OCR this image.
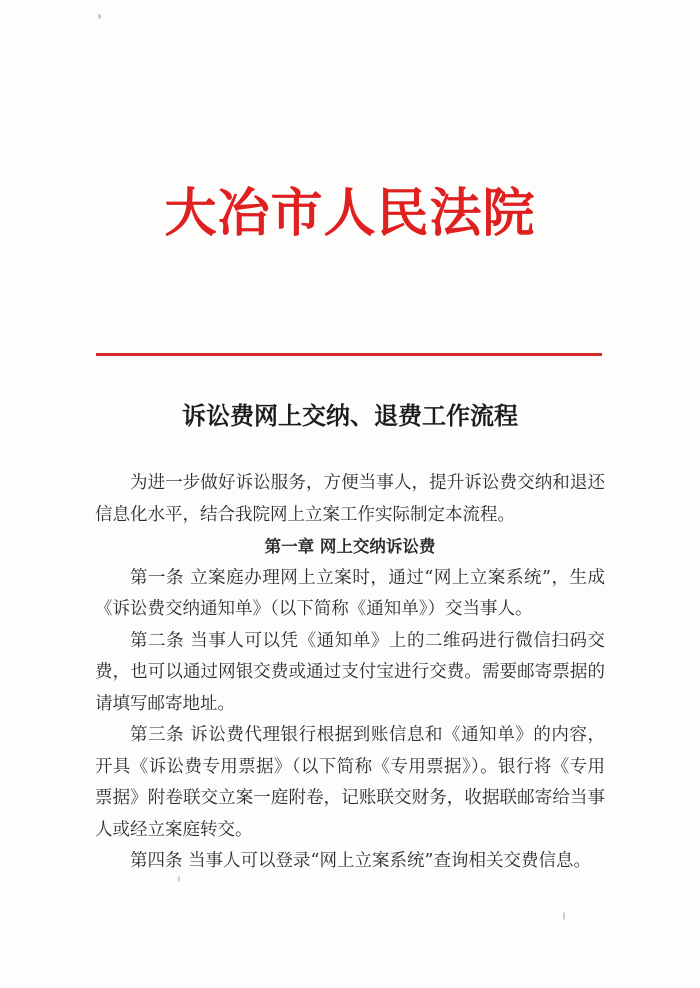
大冶市人民法院
诉讼费网上交纳、退费工作流程

为进一步做好诉讼服务，方便当事人，提升诉讼费交纳和退还信息化水平，结合我院网上立案工作实际制定本流程。

第一章 网上交纳诉讼费

第一条 立案庭办理网上立案时，通过“网上立案系统”，生成《诉讼费交纳通知单》（以下简称《通知单》）交当事人。

第二条 当事人可以凭《通知单》上的二维码进行微信扫码交费，也可以通过网银交费或通过支付宝进行交费。需要邮寄票据的请填写邮寄地址。

第三条 诉讼费代理银行根据到账信息和《通知单》的内容，开具《诉讼费专用票据》（以下简称《专用票据》）。银行将《专用票据》附卷联交立案一庭附卷，记账联交财务，收据联邮寄给当事人或经立案庭转交。

第四条 当事人可以登录“网上立案系统”查询相关交费信息。
